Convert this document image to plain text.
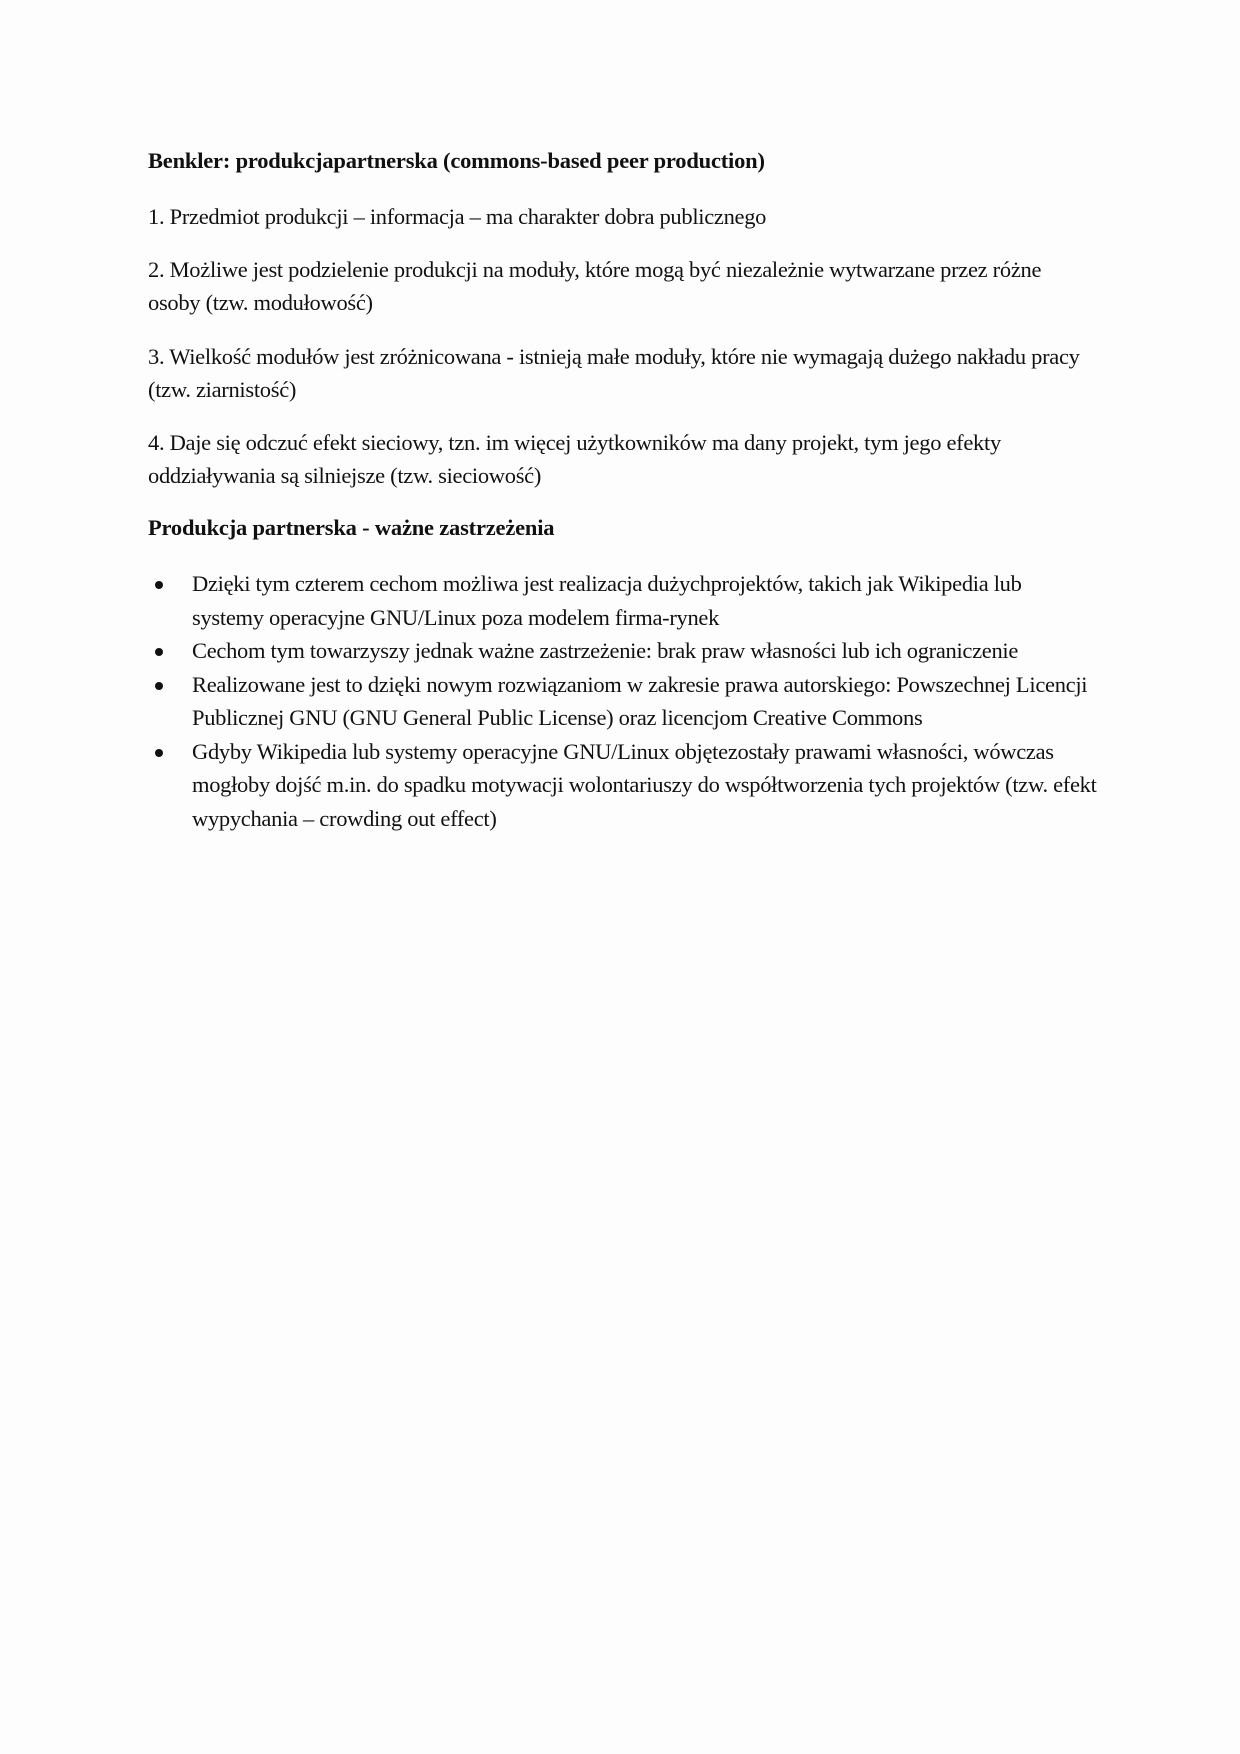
Benkler: produkcjapartnerska (commons-based peer production)

1. Przedmiot produkcji – informacja – ma charakter dobra publicznego

2. Możliwe jest podzielenie produkcji na moduły, które mogą być niezależnie wytwarzane przez różne osoby (tzw. modułowość)

3. Wielkość modułów jest zróżnicowana - istnieją małe moduły, które nie wymagają dużego nakładu pracy (tzw. ziarnistość)

4. Daje się odczuć efekt sieciowy, tzn. im więcej użytkowników ma dany projekt, tym jego efekty oddziaływania są silniejsze (tzw. sieciowość)

Produkcja partnerska - ważne zastrzeżenia
Dzięki tym czterem cechom możliwa jest realizacja dużychprojektów, takich jak Wikipedia lub systemy operacyjne GNU/Linux poza modelem firma-rynek
Cechom tym towarzyszy jednak ważne zastrzeżenie: brak praw własności lub ich ograniczenie
Realizowane jest to dzięki nowym rozwiązaniom w zakresie prawa autorskiego: Powszechnej Licencji Publicznej GNU (GNU General Public License) oraz licencjom Creative Commons
Gdyby Wikipedia lub systemy operacyjne GNU/Linux objętezostały prawami własności, wówczas mogłoby dojść m.in. do spadku motywacji wolontariuszy do współtworzenia tych projektów (tzw. efekt wypychania – crowding out effect)
